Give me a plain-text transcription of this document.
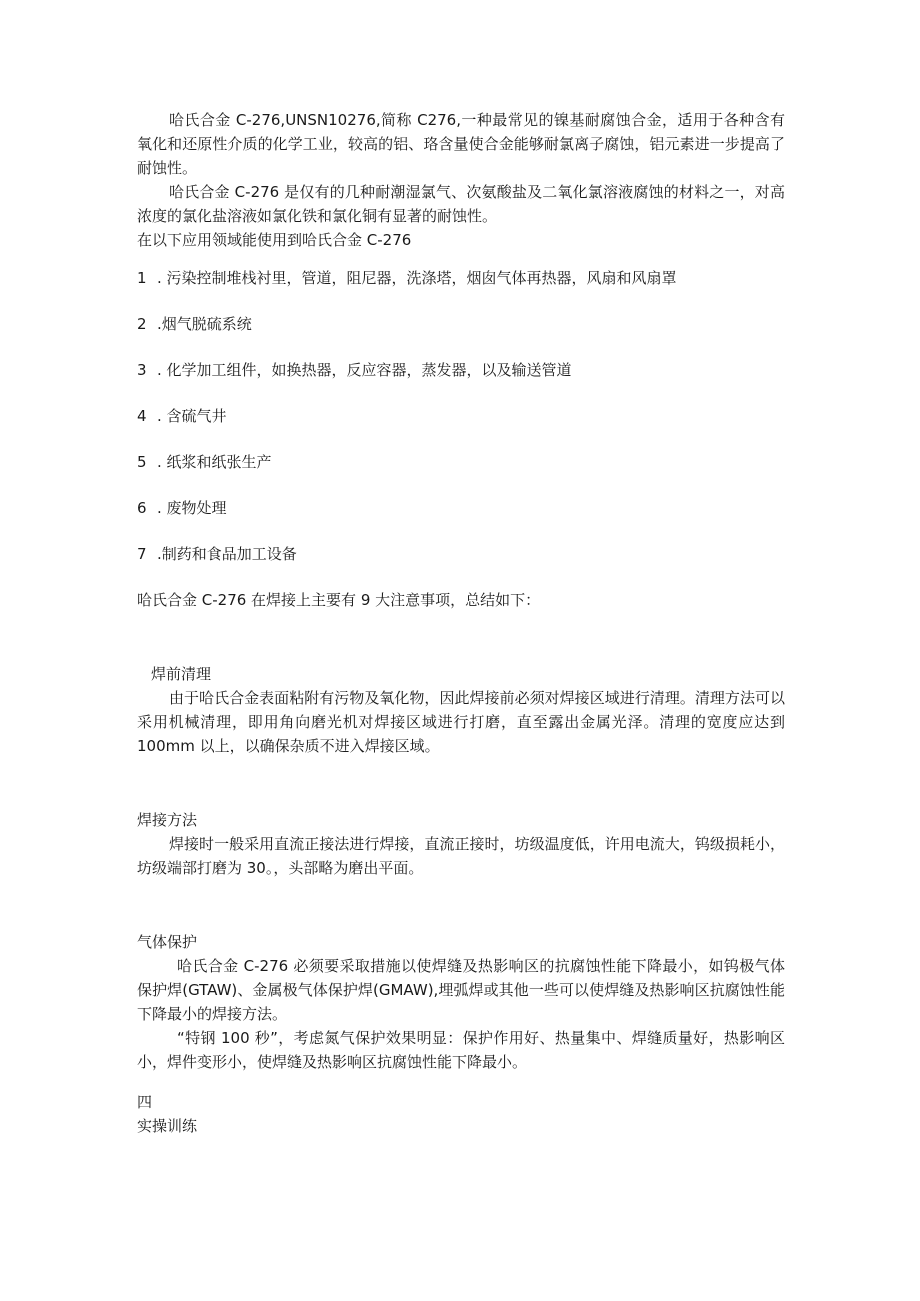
哈氏合金 C-276,UNSN10276,简称 C276,一种最常见的镍基耐腐蚀合金，适用于各种含有氧化和还原性介质的化学工业，较高的铝、珞含量使合金能够耐氯离子腐蚀，铝元素进一步提高了耐蚀性。

哈氏合金 C-276 是仅有的几种耐潮湿氯气、次氨酸盐及二氧化氯溶液腐蚀的材料之一，对高浓度的氯化盐溶液如氯化铁和氯化铜有显著的耐蚀性。

在以下应用领域能使用到哈氏合金 C-276

1 . 污染控制堆栈衬里，管道，阻尼器，洗涤塔，烟囱气体再热器，风扇和风扇罩
2 .烟气脱硫系统
3 . 化学加工组件，如换热器，反应容器，蒸发器，以及输送管道
4 . 含硫气井
5 . 纸浆和纸张生产
6 . 废物处理
7 .制药和食品加工设备

哈氏合金 C-276 在焊接上主要有 9 大注意事项，总结如下：

焊前清理

由于哈氏合金表面粘附有污物及氧化物，因此焊接前必须对焊接区域进行清理。清理方法可以采用机械清理，即用角向磨光机对焊接区域进行打磨，直至露出金属光泽。清理的宽度应达到 100mm 以上，以确保杂质不进入焊接区域。

焊接方法

焊接时一般采用直流正接法进行焊接，直流正接时，坊级温度低，许用电流大，钨级损耗小，坊级端部打磨为 30。，头部略为磨出平面。

气体保护

哈氏合金 C-276 必须要采取措施以使焊缝及热影响区的抗腐蚀性能下降最小，如钨极气体保护焊(GTAW)、金属极气体保护焊(GMAW),埋弧焊或其他一些可以使焊缝及热影响区抗腐蚀性能下降最小的焊接方法。

“特钢 100 秒”，考虑氮气保护效果明显：保护作用好、热量集中、焊缝质量好，热影响区小，焊件变形小，使焊缝及热影响区抗腐蚀性能下降最小。

四

实操训练
